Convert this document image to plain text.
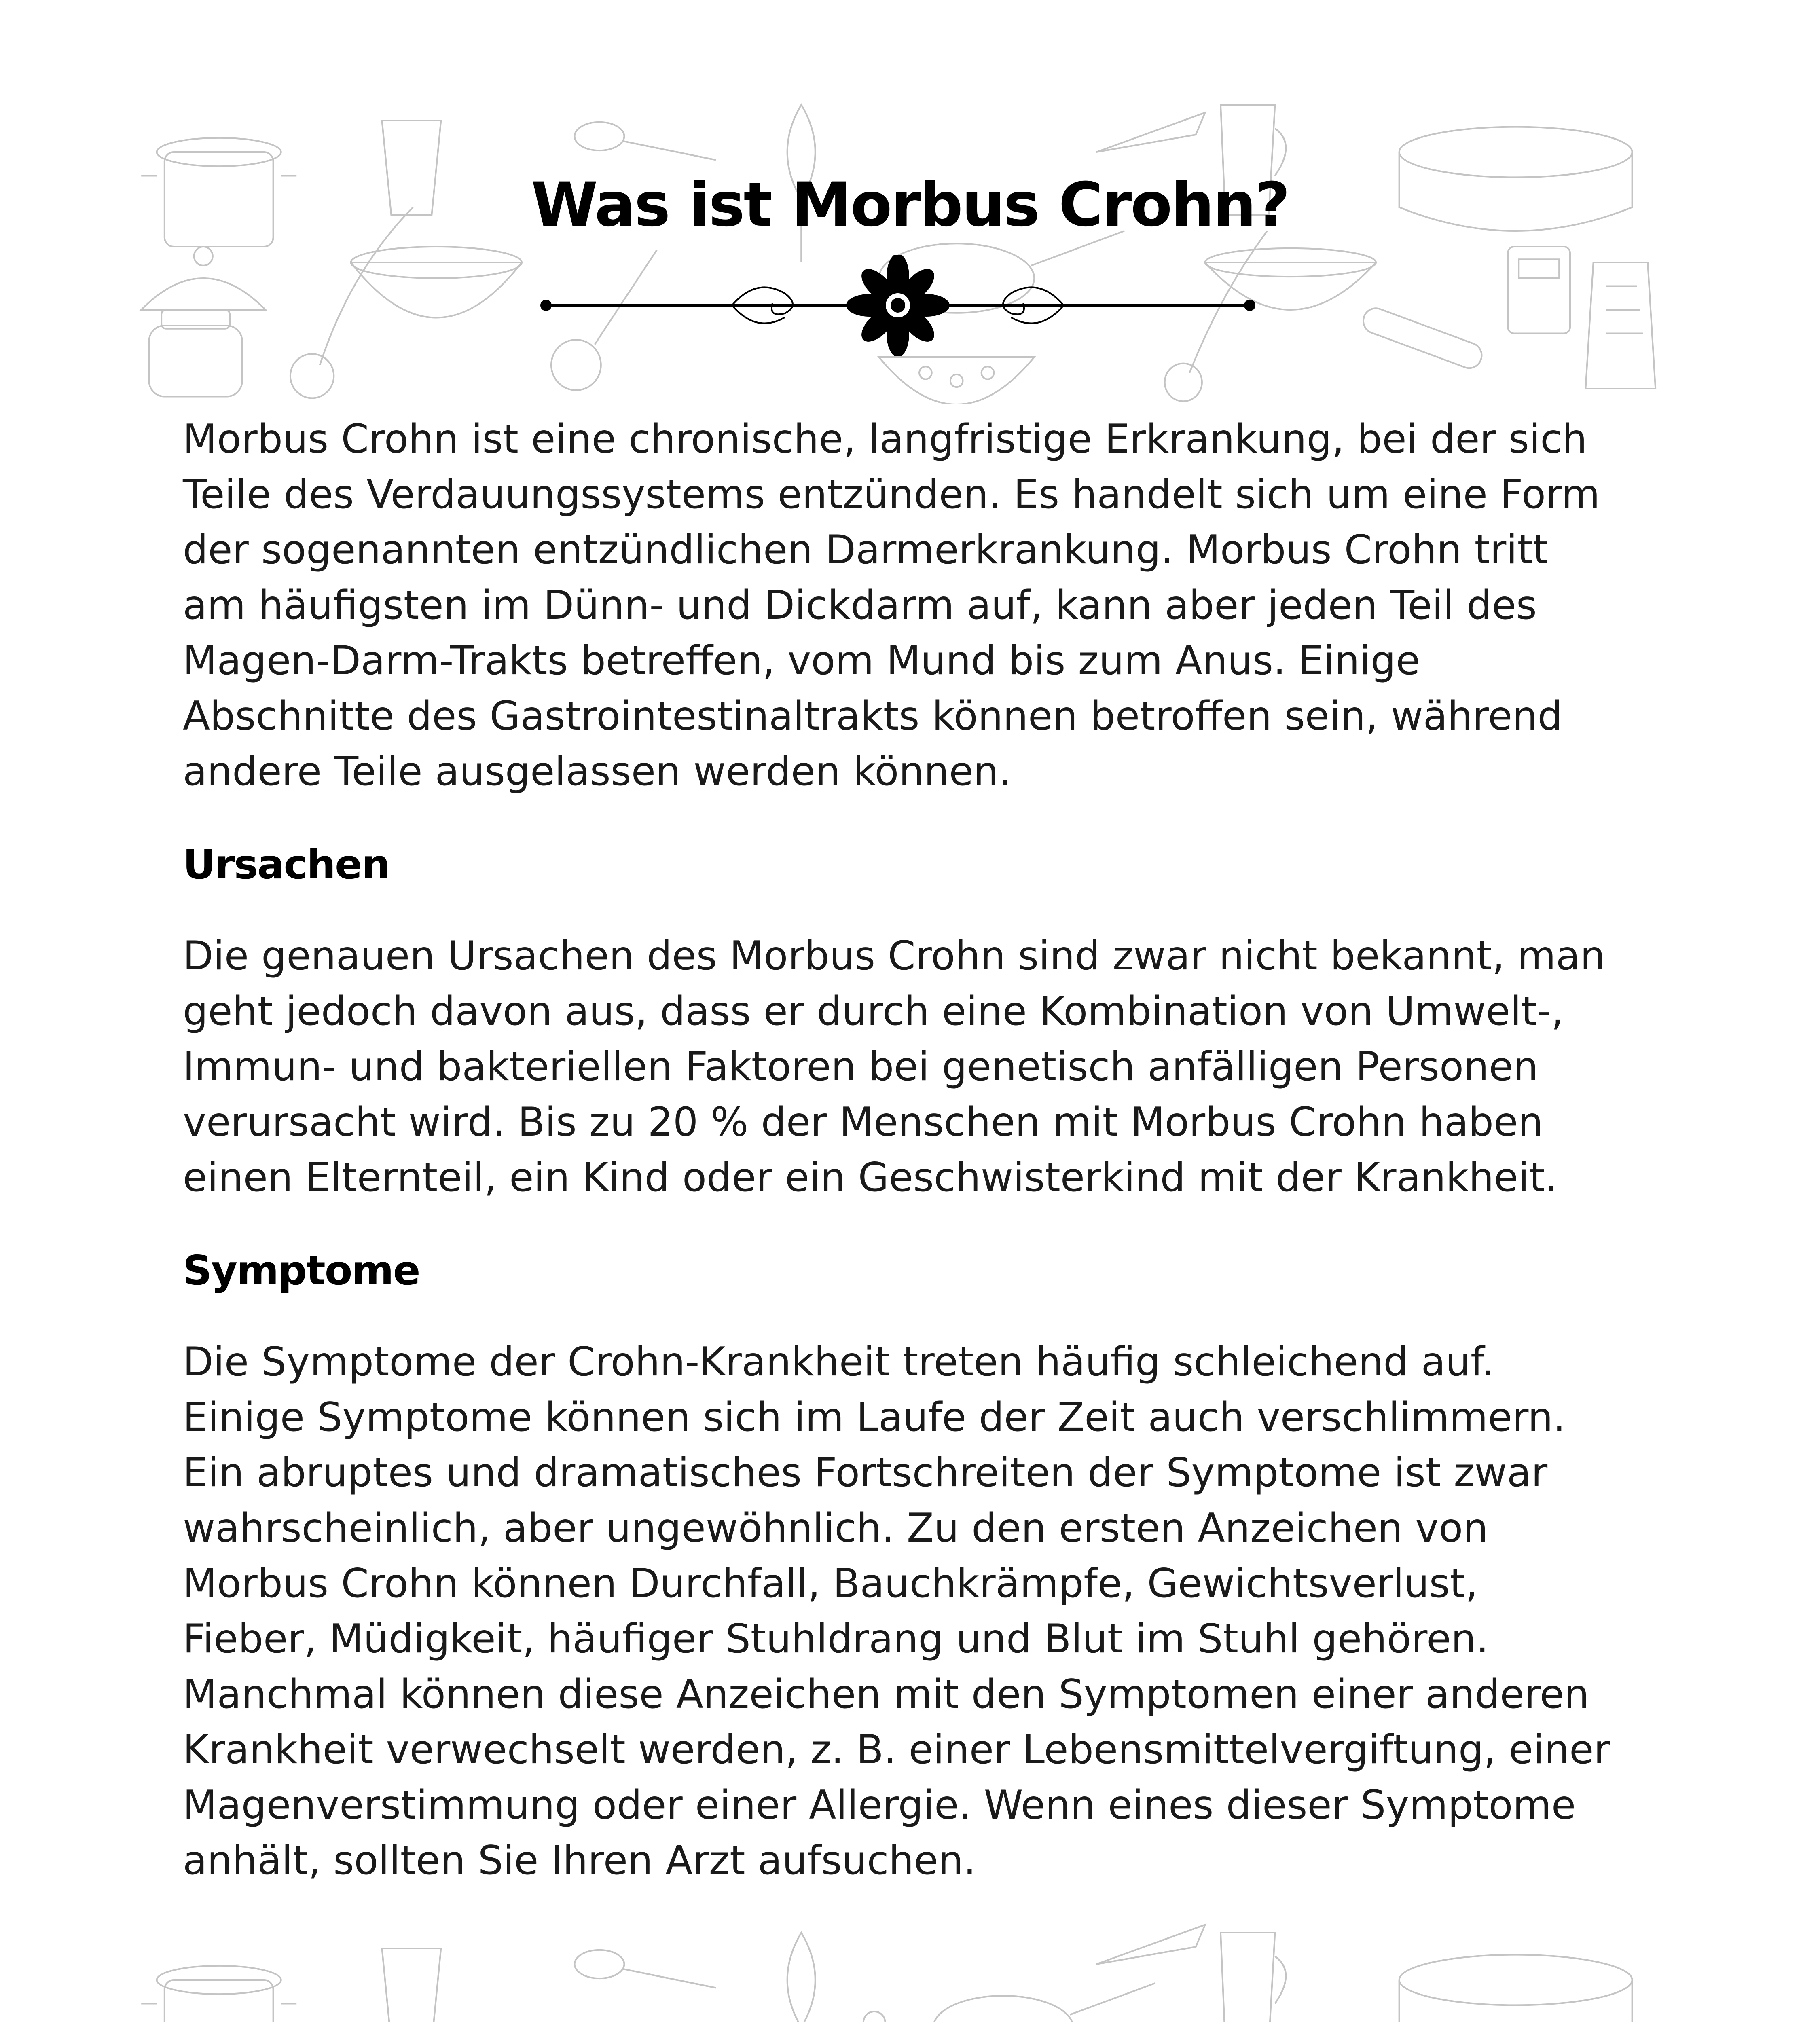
Was ist Morbus Crohn?

Morbus Crohn ist eine chronische, langfristige Erkrankung, bei der sich Teile des Verdauungssystems entzünden. Es handelt sich um eine Form der sogenannten entzündlichen Darmerkrankung. Morbus Crohn tritt am häufigsten im Dünn- und Dickdarm auf, kann aber jeden Teil des Magen-Darm-Trakts betreffen, vom Mund bis zum Anus. Einige Abschnitte des Gastrointestinaltrakts können betroffen sein, während andere Teile ausgelassen werden können.

Ursachen

Die genauen Ursachen des Morbus Crohn sind zwar nicht bekannt, man geht jedoch davon aus, dass er durch eine Kombination von Umwelt-, Immun- und bakteriellen Faktoren bei genetisch anfälligen Personen verursacht wird. Bis zu 20 % der Menschen mit Morbus Crohn haben einen Elternteil, ein Kind oder ein Geschwisterkind mit der Krankheit.

Symptome

Die Symptome der Crohn-Krankheit treten häufig schleichend auf. Einige Symptome können sich im Laufe der Zeit auch verschlimmern. Ein abruptes und dramatisches Fortschreiten der Symptome ist zwar wahrscheinlich, aber ungewöhnlich. Zu den ersten Anzeichen von Morbus Crohn können Durchfall, Bauchkrämpfe, Gewichtsverlust, Fieber, Müdigkeit, häufiger Stuhldrang und Blut im Stuhl gehören. Manchmal können diese Anzeichen mit den Symptomen einer anderen Krankheit verwechselt werden, z. B. einer Lebensmittelvergiftung, einer Magenverstimmung oder einer Allergie. Wenn eines dieser Symptome anhält, sollten Sie Ihren Arzt aufsuchen.
